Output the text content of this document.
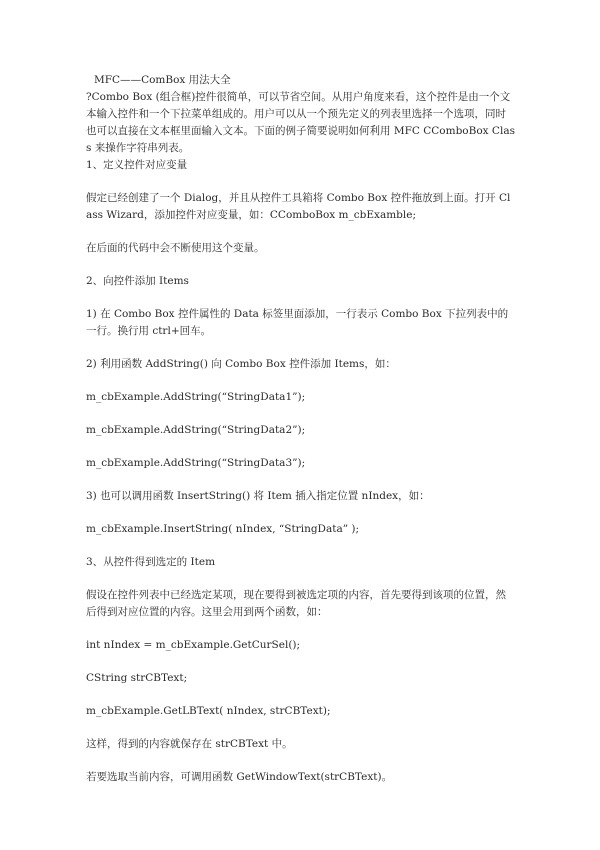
MFC——ComBox 用法大全
?Combo Box (组合框)控件很简单，可以节省空间。从用户角度来看，这个控件是由一个文本输入控件和一个下拉菜单组成的。用户可以从一个预先定义的列表里选择一个选项，同时也可以直接在文本框里面输入文本。下面的例子简要说明如何利用 MFC CComboBox Class 来操作字符串列表。
1、定义控件对应变量
假定已经创建了一个 Dialog，并且从控件工具箱将 Combo Box 控件拖放到上面。打开 Class Wizard，添加控件对应变量，如：CComboBox m_cbExamble;
在后面的代码中会不断使用这个变量。
2、向控件添加 Items
1) 在 Combo Box 控件属性的 Data 标签里面添加，一行表示 Combo Box 下拉列表中的一行。换行用 ctrl+回车。
2) 利用函数 AddString() 向 Combo Box 控件添加 Items，如：
m_cbExample.AddString(“StringData1”);
m_cbExample.AddString(“StringData2”);
m_cbExample.AddString(“StringData3”);
3) 也可以调用函数 InsertString() 将 Item 插入指定位置 nIndex，如：
m_cbExample.InsertString( nIndex, “StringData” );
3、从控件得到选定的 Item
假设在控件列表中已经选定某项，现在要得到被选定项的内容，首先要得到该项的位置，然后得到对应位置的内容。这里会用到两个函数，如：
int nIndex = m_cbExample.GetCurSel();
CString strCBText;
m_cbExample.GetLBText( nIndex, strCBText);
这样，得到的内容就保存在 strCBText 中。
若要选取当前内容，可调用函数 GetWindowText(strCBText)。
